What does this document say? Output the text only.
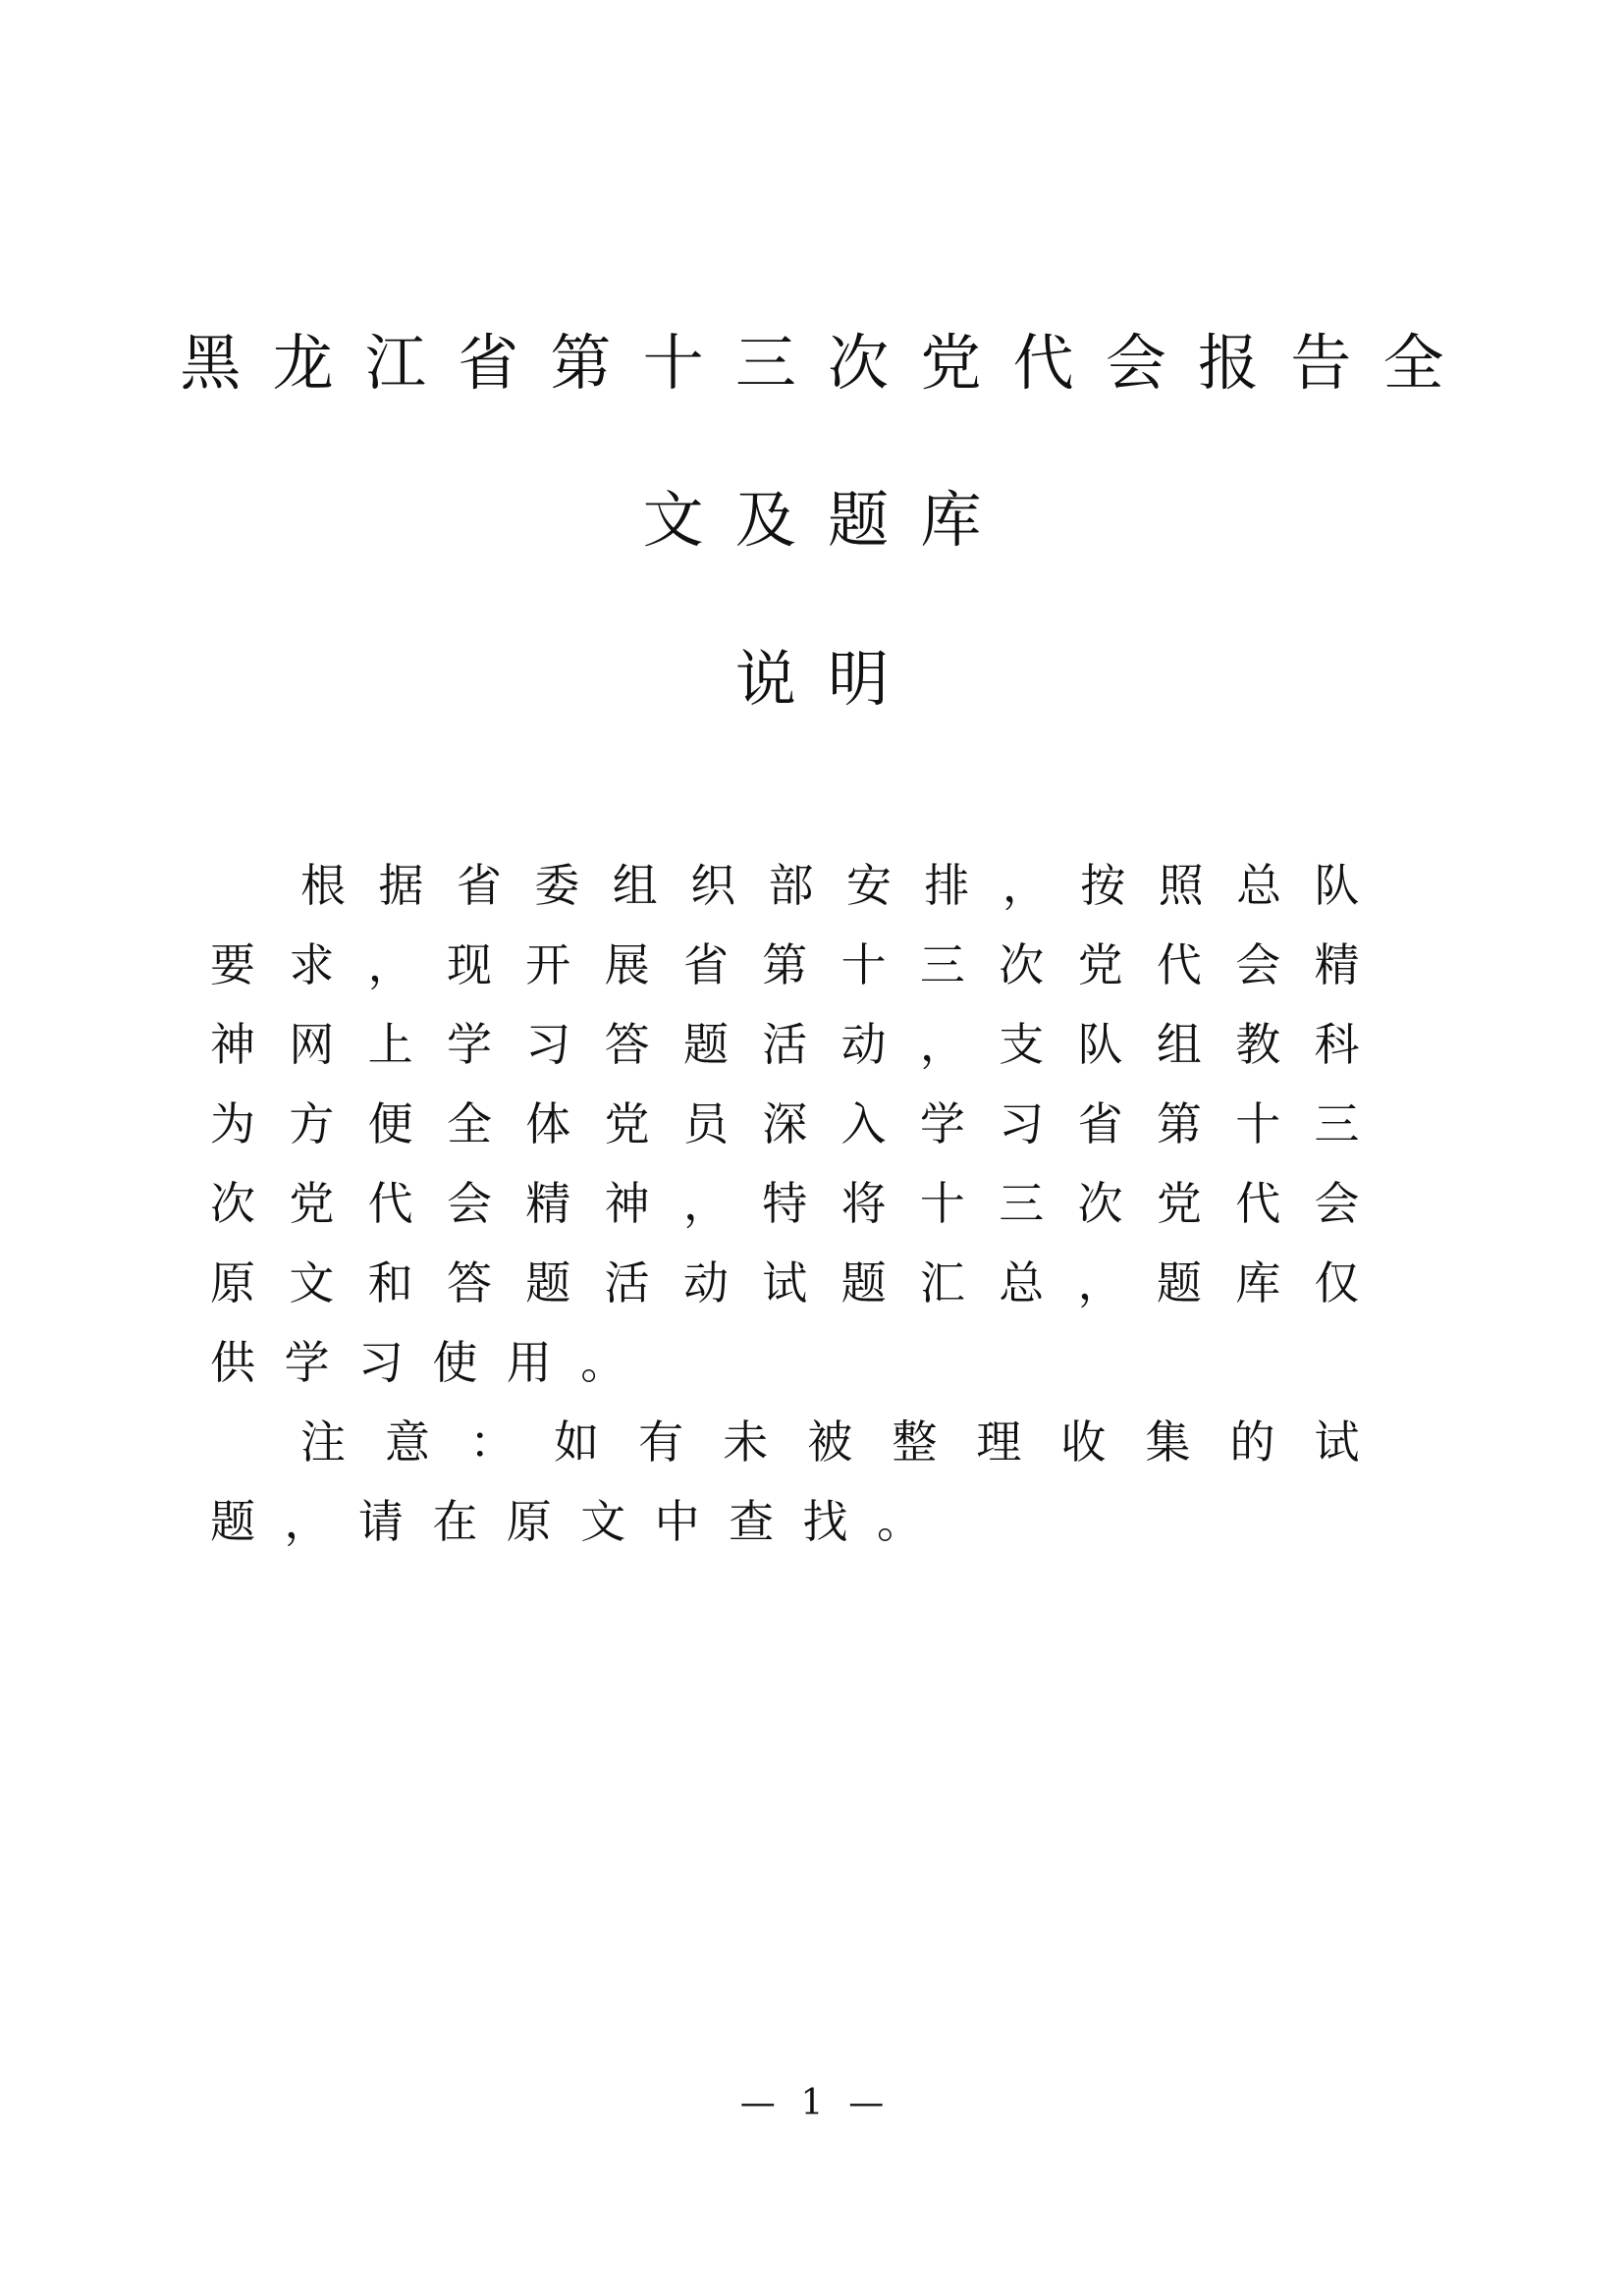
黑龙江省第十三次党代会报告全
文及题库
说明

根据省委组织部安排，按照总队要求，现开展省第十三次党代会精神网上学习答题活动，支队组教科为方便全体党员深入学习省第十三次党代会精神，特将十三次党代会原文和答题活动试题汇总，题库仅供学习使用。

注意：如有未被整理收集的试题，请在原文中查找。

— 1 —
